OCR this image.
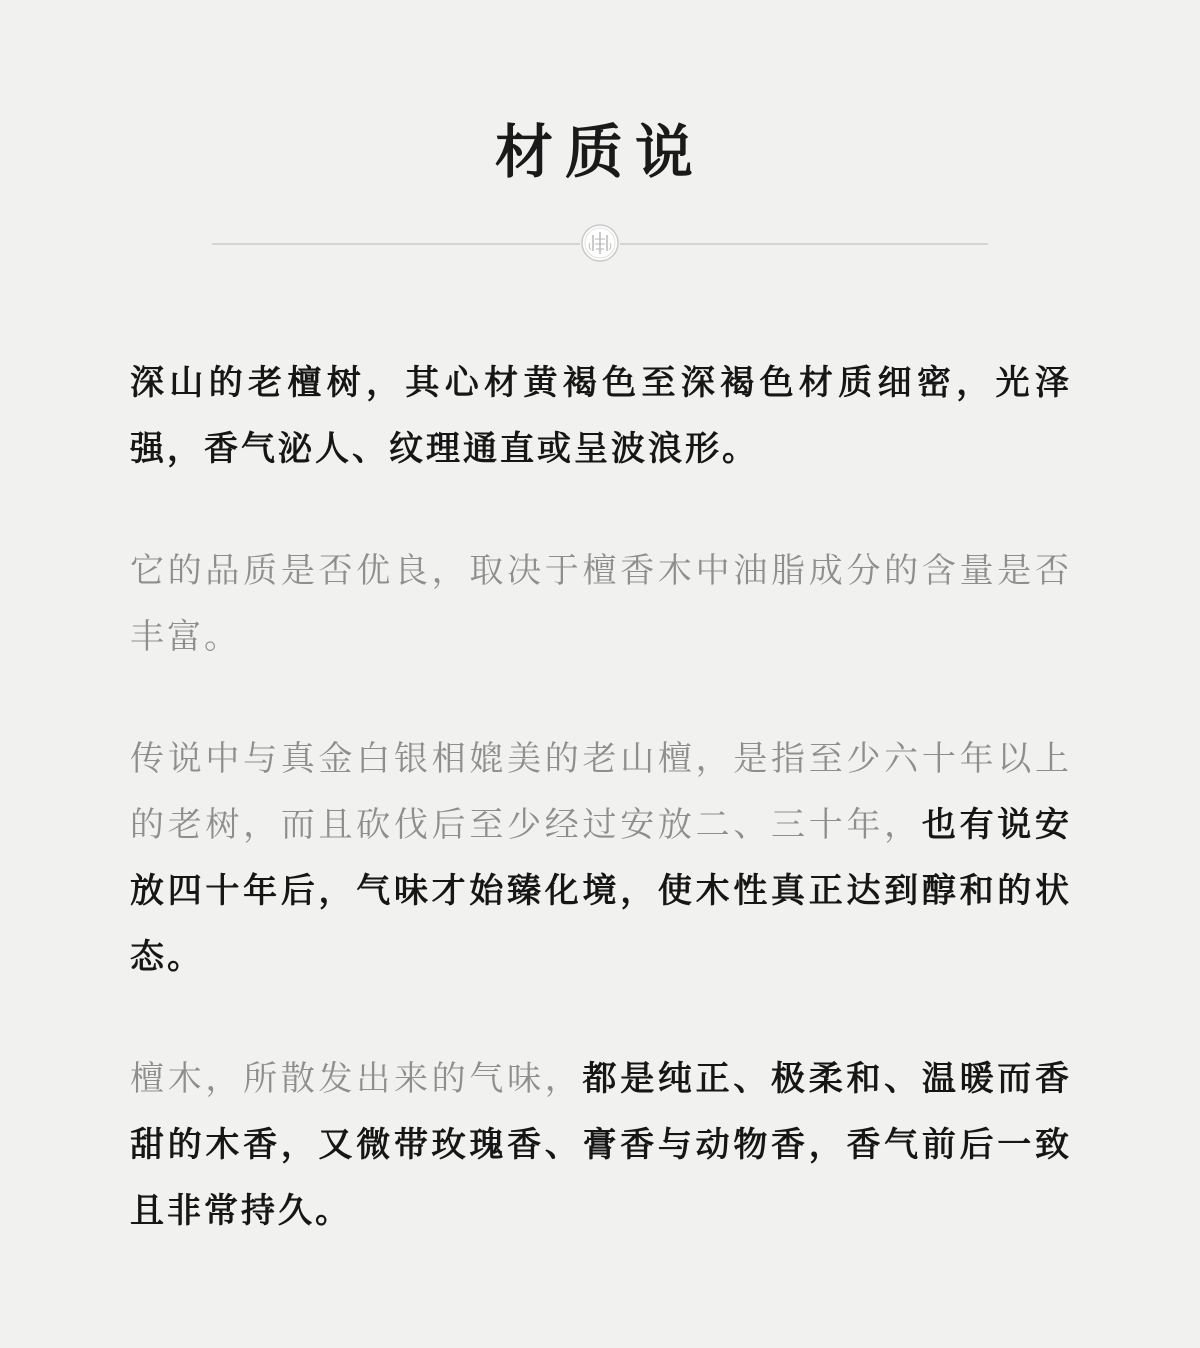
材质说

深山的老檀树，其心材黄褐色至深褐色材质细密，光泽强，香气泌人、纹理通直或呈波浪形。

它的品质是否优良，取决于檀香木中油脂成分的含量是否丰富。

传说中与真金白银相媲美的老山檀，是指至少六十年以上的老树，而且砍伐后至少经过安放二、三十年，也有说安放四十年后，气味才始臻化境，使木性真正达到醇和的状态。

檀木，所散发出来的气味，都是纯正、极柔和、温暖而香甜的木香，又微带玫瑰香、膏香与动物香，香气前后一致且非常持久。
